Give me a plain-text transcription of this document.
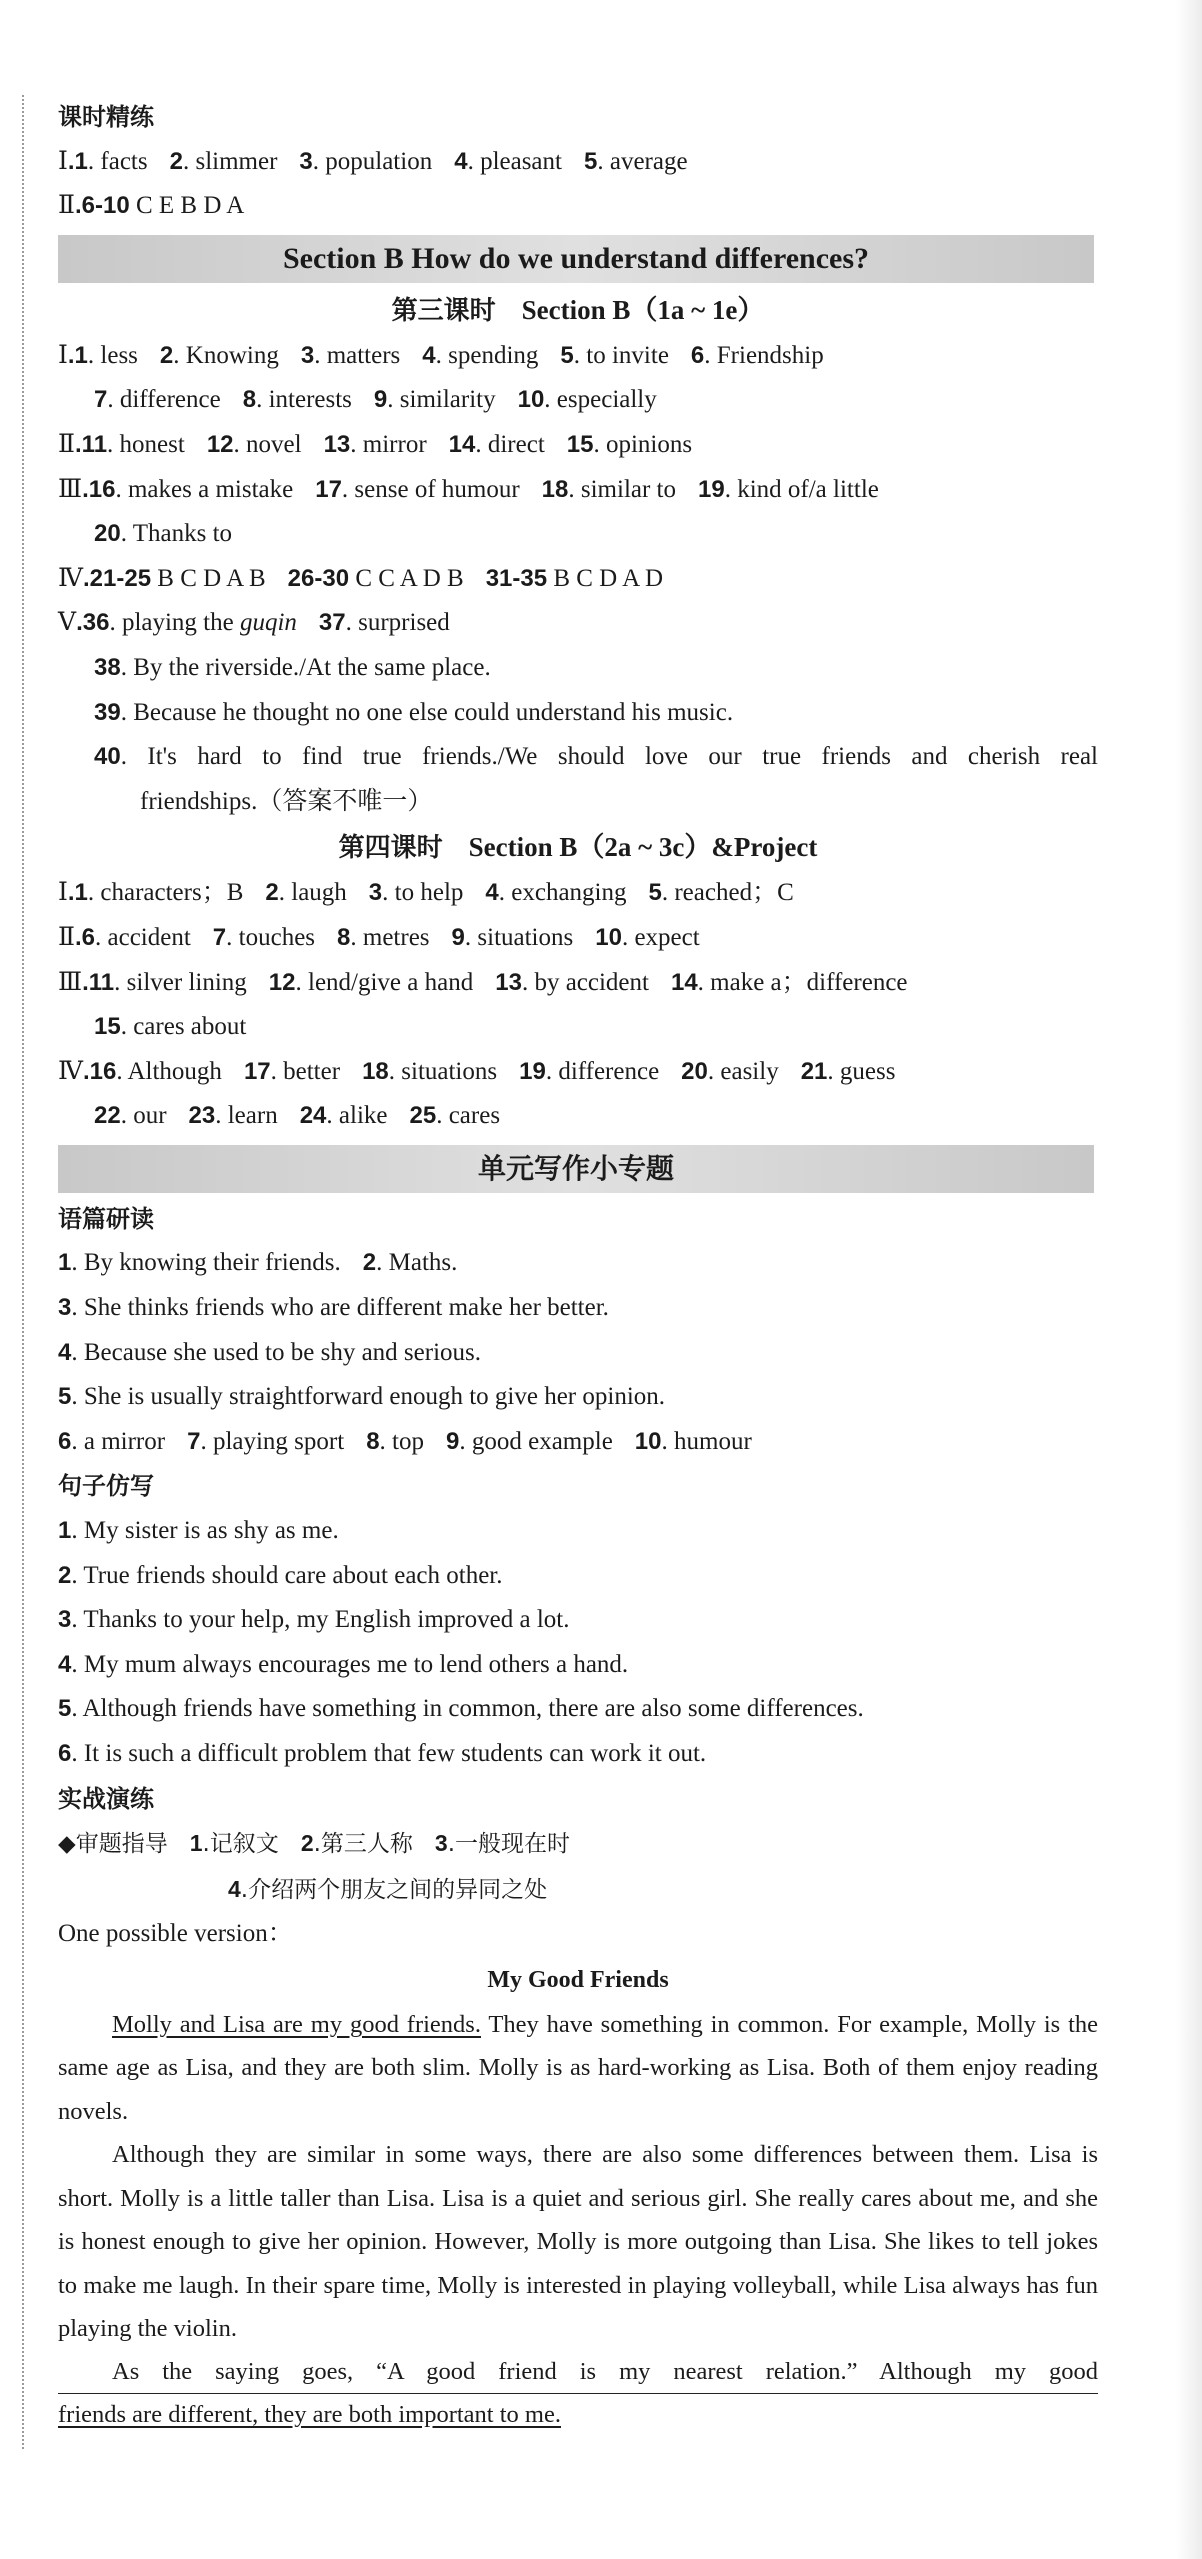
课时精练
Ⅰ.1. facts 2. slimmer 3. population 4. pleasant 5. average
Ⅱ.6-10 C E B D A
Section B How do we understand differences?
第三课时 Section B（1a ~ 1e）
Ⅰ.1. less 2. Knowing 3. matters 4. spending 5. to invite 6. Friendship
7. difference 8. interests 9. similarity 10. especially
Ⅱ.11. honest 12. novel 13. mirror 14. direct 15. opinions
Ⅲ.16. makes a mistake 17. sense of humour 18. similar to 19. kind of/a little
20. Thanks to
Ⅳ.21-25 B C D A B 26-30 C C A D B 31-35 B C D A D
Ⅴ.36. playing the guqin 37. surprised
38. By the riverside./At the same place.
39. Because he thought no one else could understand his music.
40. It's hard to find true friends./We should love our true friends and cherish real
friendships.（答案不唯一）
第四课时 Section B（2a ~ 3c）&Project
Ⅰ.1. characters；B 2. laugh 3. to help 4. exchanging 5. reached；C
Ⅱ.6. accident 7. touches 8. metres 9. situations 10. expect
Ⅲ.11. silver lining 12. lend/give a hand 13. by accident 14. make a；difference
15. cares about
Ⅳ.16. Although 17. better 18. situations 19. difference 20. easily 21. guess
22. our 23. learn 24. alike 25. cares
单元写作小专题
语篇研读
1. By knowing their friends. 2. Maths.
3. She thinks friends who are different make her better.
4. Because she used to be shy and serious.
5. She is usually straightforward enough to give her opinion.
6. a mirror 7. playing sport 8. top 9. good example 10. humour
句子仿写
1. My sister is as shy as me.
2. True friends should care about each other.
3. Thanks to your help, my English improved a lot.
4. My mum always encourages me to lend others a hand.
5. Although friends have something in common, there are also some differences.
6. It is such a difficult problem that few students can work it out.
实战演练
◆审题指导 1.记叙文 2.第三人称 3.一般现在时
4.介绍两个朋友之间的异同之处
One possible version：
My Good Friends
Molly and Lisa are my good friends. They have something in common. For example, Molly is the same age as Lisa, and they are both slim. Molly is as hard-working as Lisa. Both of them enjoy reading novels.
Although they are similar in some ways, there are also some differences between them. Lisa is short. Molly is a little taller than Lisa. Lisa is a quiet and serious girl. She really cares about me, and she is honest enough to give her opinion. However, Molly is more outgoing than Lisa. She likes to tell jokes to make me laugh. In their spare time, Molly is interested in playing volleyball, while Lisa always has fun playing the violin.
As the saying goes, “A good friend is my nearest relation.” Although my good
friends are different, they are both important to me.
